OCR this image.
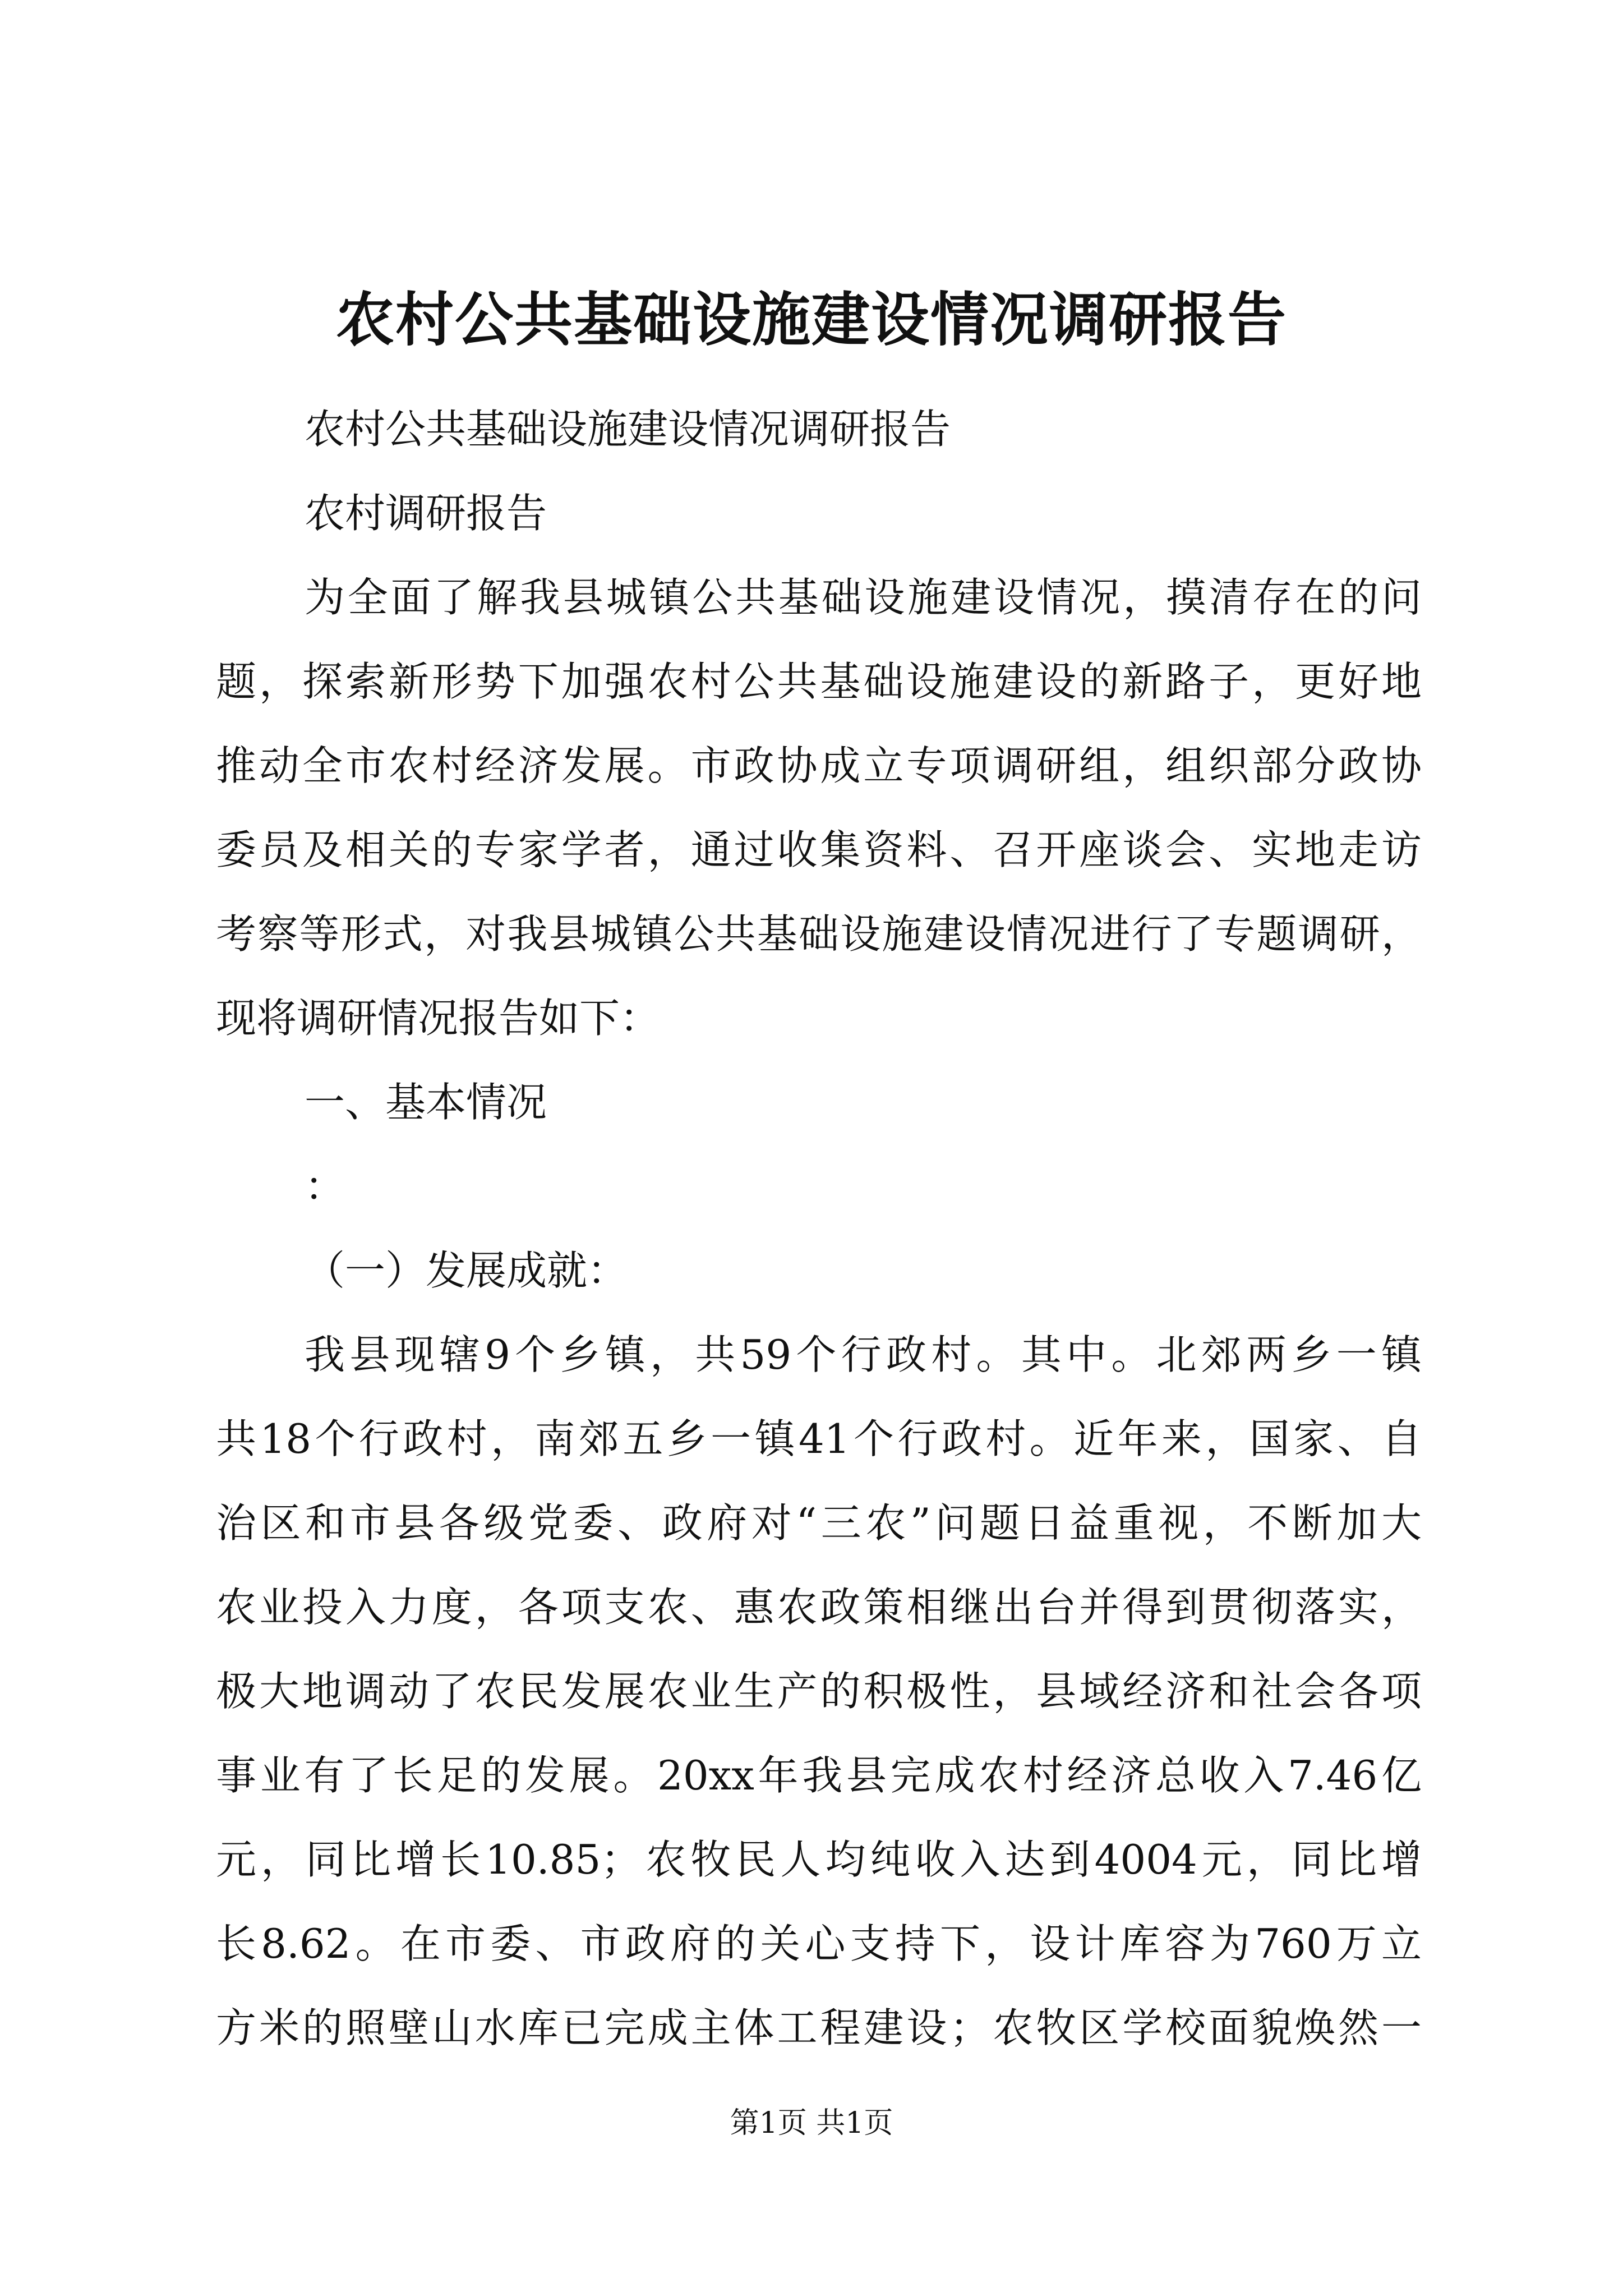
农村公共基础设施建设情况调研报告
农村公共基础设施建设情况调研报告
农村调研报告
为全面了解我县城镇公共基础设施建设情况，摸清存在的问
题，探索新形势下加强农村公共基础设施建设的新路子，更好地
推动全市农村经济发展。市政协成立专项调研组，组织部分政协
委员及相关的专家学者，通过收集资料、召开座谈会、实地走访
考察等形式，对我县城镇公共基础设施建设情况进行了专题调研，
现将调研情况报告如下：
一、基本情况
：
（一）发展成就：
我县现辖9个乡镇，共59个行政村。其中。北郊两乡一镇
共18个行政村，南郊五乡一镇41个行政村。近年来，国家、自
治区和市县各级党委、政府对“三农”问题日益重视，不断加大
农业投入力度，各项支农、惠农政策相继出台并得到贯彻落实，
极大地调动了农民发展农业生产的积极性，县域经济和社会各项
事业有了长足的发展。20xx年我县完成农村经济总收入7.46亿
元，同比增长10.85；农牧民人均纯收入达到4004元，同比增
长8.62。在市委、市政府的关心支持下，设计库容为760万立
方米的照壁山水库已完成主体工程建设；农牧区学校面貌焕然一
第1页 共1页
